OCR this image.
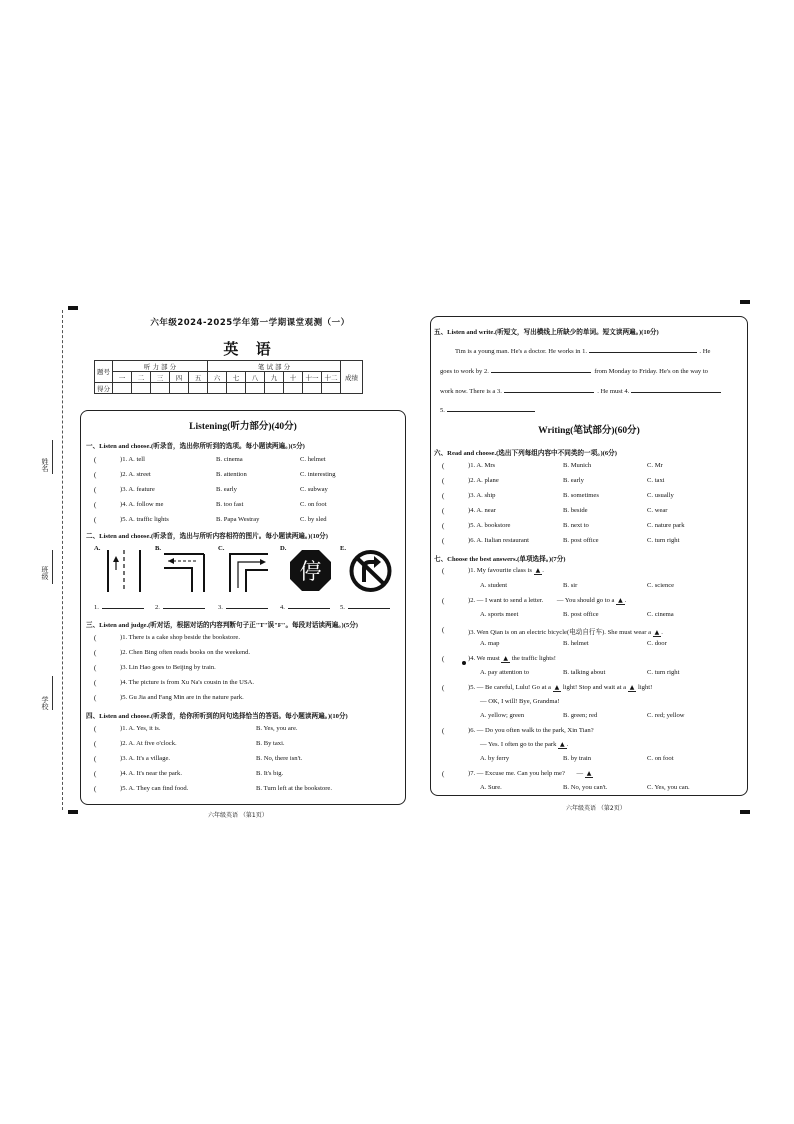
姓名
班级
学校
六年级2024-2025学年第一学期课堂观测（一）
英 语
题号	听 力 部 分					笔 试 部 分							成绩
	一	二	三	四	五	六	七	八	九	十	十一	十二	
得分													
Listening(听力部分)(40分)
一、Listen and choose.(听录音，选出你所听到的选项。每小题读两遍。)(5分)
二、Listen and choose.(听录音，选出与所听内容相符的图片。每小题读两遍。)(10分)
A.	B.	C.	D.
停
E.
三、Listen and judge.(听对话，根据对话的内容判断句子正"T"误"F"。每段对话读两遍。)(5分)
四、Listen and choose.(听录音，给你所听到的问句选择恰当的答语。每小题读两遍。)(10分)
六年级英语 （第1页）
五、Listen and write.(听短文，写出横线上所缺少的单词。短文读两遍。)(10分)
Tim is a young man. He's a doctor. He works in 1.	. He
goes to work by 2.	from Monday to Friday. He's on the way to
work now. There is a 3.	. He must 4.
5.
Writing(笔试部分)(60分)
六、Read and choose.(选出下列每组内容中不同类的一项。)(6分)
七、Choose the best answers.(单项选择。)(7分)
(	)1. My favourite class is ▲ .
A. student	B. sir	C. science
(	)2. — I want to send a letter. — You should go to a ▲ .
A. sports meet	B. post office	C. cinema
(	)3. Wen Qian is on an electric bicycle(电动自行车). She must wear a ▲ .
A. map	B. helmet	C. door
(	)4. We must ▲ the traffic lights!
A. pay attention to	B. talking about	C. turn right
(	)5. — Be careful, Lulu! Go at a ▲ light! Stop and wait at a ▲ light!
— OK, I will! Bye, Grandma!
A. yellow; green	B. green; red	C. red; yellow
(	)6. — Do you often walk to the park, Xin Tian?
— Yes. I often go to the park ▲ .
A. by ferry	B. by train	C. on foot
(	)7. — Excuse me. Can you help me? — ▲
A. Sure.	B. No, you can't.	C. Yes, you can.
六年级英语 （第2页）
(	)1. A. tell	B. cinema	C. helmet
(	)2. A. street	B. attention	C. interesting
(	)3. A. feature	B. early	C. subway
(	)4. A. follow me	B. too fast	C. on foot
(	)5. A. traffic lights	B. Papa Westray	C. by sled
1.	2.	3.	4.	5.
(	)1. There is a cake shop beside the bookstore.
(	)2. Chen Bing often reads books on the weekend.
(	)3. Lin Hao goes to Beijing by train.
(	)4. The picture is from Xu Na's cousin in the USA.
(	)5. Gu Jia and Fang Min are in the nature park.
(	)1. A. Yes, it is.	B. Yes, you are.
(	)2. A. At five o'clock.	B. By taxi.
(	)3. A. It's a village.	B. No, there isn't.
(	)4. A. It's near the park.	B. It's big.
(	)5. A. They can find food.	B. Turn left at the bookstore.
(	)1. A. Mrs	B. Munich	C. Mr
(	)2. A. plane	B. early	C. taxi
(	)3. A. ship	B. sometimes	C. usually
(	)4. A. near	B. beside	C. wear
(	)5. A. bookstore	B. next to	C. nature park
(	)6. A. Italian restaurant	B. post office	C. turn right
